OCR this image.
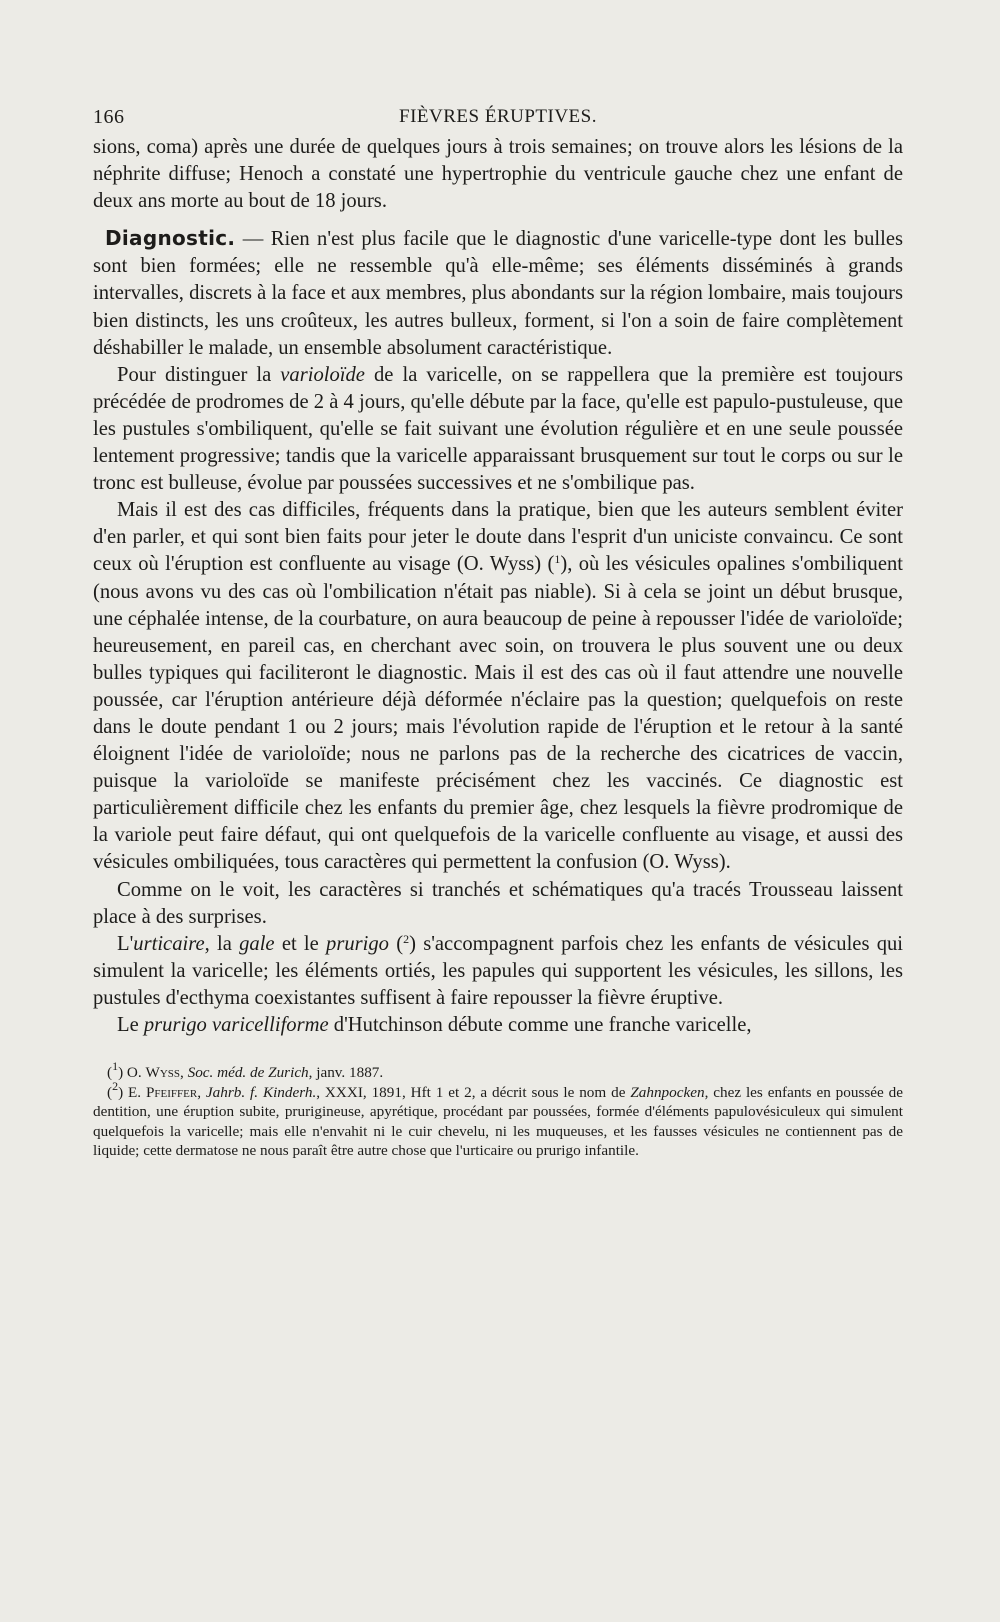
166	FIÈVRES ÉRUPTIVES.

sions, coma) après une durée de quelques jours à trois semaines; on trouve alors les lésions de la néphrite diffuse; Henoch a constaté une hypertrophie du ventricule gauche chez une enfant de deux ans morte au bout de 18 jours.

Diagnostic. — Rien n'est plus facile que le diagnostic d'une varicelle-type dont les bulles sont bien formées; elle ne ressemble qu'à elle-même; ses éléments disséminés à grands intervalles, discrets à la face et aux membres, plus abondants sur la région lombaire, mais toujours bien distincts, les uns croûteux, les autres bulleux, forment, si l'on a soin de faire complètement déshabiller le malade, un ensemble absolument caractéristique.

Pour distinguer la varioloïde de la varicelle, on se rappellera que la première est toujours précédée de prodromes de 2 à 4 jours, qu'elle débute par la face, qu'elle est papulo-pustuleuse, que les pustules s'ombiliquent, qu'elle se fait suivant une évolution régulière et en une seule poussée lentement progressive; tandis que la varicelle apparaissant brusquement sur tout le corps ou sur le tronc est bulleuse, évolue par poussées successives et ne s'ombilique pas.

Mais il est des cas difficiles, fréquents dans la pratique, bien que les auteurs semblent éviter d'en parler, et qui sont bien faits pour jeter le doute dans l'esprit d'un uniciste convaincu. Ce sont ceux où l'éruption est confluente au visage (O. Wyss) ($^1$), où les vésicules opalines s'ombiliquent (nous avons vu des cas où l'ombilication n'était pas niable). Si à cela se joint un début brusque, une céphalée intense, de la courbature, on aura beaucoup de peine à repousser l'idée de varioloïde; heureusement, en pareil cas, en cherchant avec soin, on trouvera le plus souvent une ou deux bulles typiques qui faciliteront le diagnostic. Mais il est des cas où il faut attendre une nouvelle poussée, car l'éruption antérieure déjà déformée n'éclaire pas la question; quelquefois on reste dans le doute pendant 1 ou 2 jours; mais l'évolution rapide de l'éruption et le retour à la santé éloignent l'idée de varioloïde; nous ne parlons pas de la recherche des cicatrices de vaccin, puisque la varioloïde se manifeste précisément chez les vaccinés. Ce diagnostic est particulièrement difficile chez les enfants du premier âge, chez lesquels la fièvre prodromique de la variole peut faire défaut, qui ont quelquefois de la varicelle confluente au visage, et aussi des vésicules ombiliquées, tous caractères qui permettent la confusion (O. Wyss).

Comme on le voit, les caractères si tranchés et schématiques qu'a tracés Trousseau laissent place à des surprises.

L'urticaire, la gale et le prurigo ($^2$) s'accompagnent parfois chez les enfants de vésicules qui simulent la varicelle; les éléments ortiés, les papules qui supportent les vésicules, les sillons, les pustules d'ecthyma coexistantes suffisent à faire repousser la fièvre éruptive.

Le prurigo varicelliforme d'Hutchinson débute comme une franche varicelle,

($^1$) O. Wyss, Soc. méd. de Zurich, janv. 1887.

($^2$) E. Pfeiffer, Jahrb. f. Kinderh., XXXI, 1891, Hft 1 et 2, a décrit sous le nom de Zahnpocken, chez les enfants en poussée de dentition, une éruption subite, prurigineuse, apyrétique, procédant par poussées, formée d'éléments papulovésiculeux qui simulent quelquefois la varicelle; mais elle n'envahit ni le cuir chevelu, ni les muqueuses, et les fausses vésicules ne contiennent pas de liquide; cette dermatose ne nous paraît être autre chose que l'urticaire ou prurigo infantile.
